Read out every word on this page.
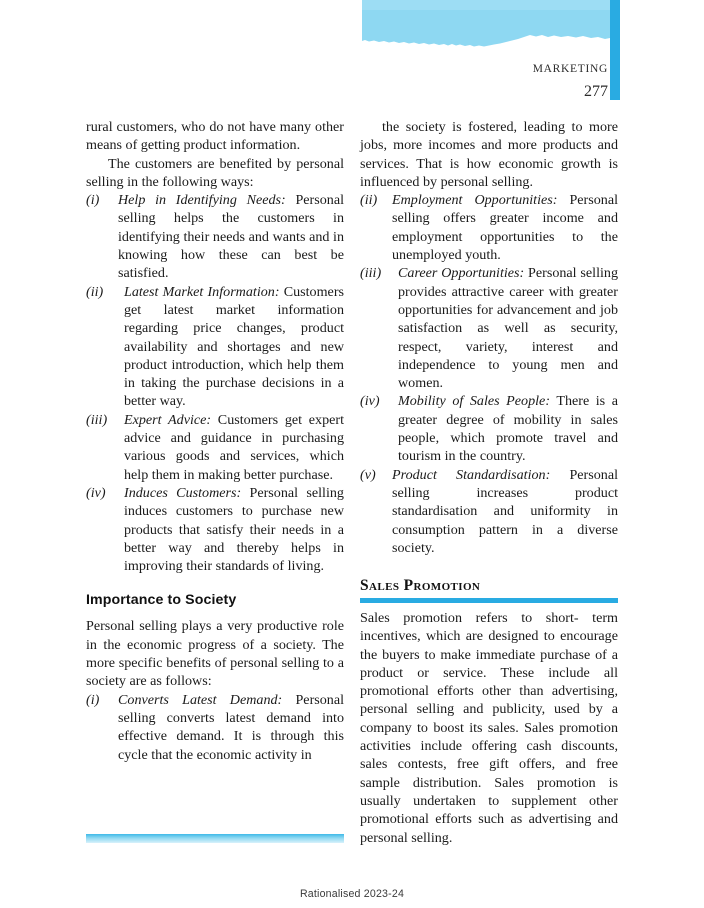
MARKETING
277

rural customers, who do not have many other means of getting product information.

The customers are benefited by personal selling in the following ways:

(i) Help in Identifying Needs: Personal selling helps the customers in identifying their needs and wants and in knowing how these can best be satisfied.
(ii) Latest Market Information: Customers get latest market information regarding price changes, product availability and shortages and new product introduction, which help them in taking the purchase decisions in a better way.
(iii) Expert Advice: Customers get expert advice and guidance in purchasing various goods and services, which help them in making better purchase.
(iv) Induces Customers: Personal selling induces customers to purchase new products that satisfy their needs in a better way and thereby helps in improving their standards of living.
Importance to Society

Personal selling plays a very productive role in the economic progress of a society. The more specific benefits of personal selling to a society are as follows:

(i) Converts Latest Demand: Personal selling converts latest demand into effective demand. It is through this cycle that the economic activity in

the society is fostered, leading to more jobs, more incomes and more products and services. That is how economic growth is influenced by personal selling.

(ii) Employment Opportunities: Personal selling offers greater income and employment opportunities to the unemployed youth.
(iii) Career Opportunities: Personal selling provides attractive career with greater opportunities for advancement and job satisfaction as well as security, respect, variety, interest and independence to young men and women.
(iv) Mobility of Sales People: There is a greater degree of mobility in sales people, which promote travel and tourism in the country.
(v) Product Standardisation: Personal selling increases product standardisation and uniformity in consumption pattern in a diverse society.
Sales Promotion

Sales promotion refers to short- term incentives, which are designed to encourage the buyers to make immediate purchase of a product or service. These include all promotional efforts other than advertising, personal selling and publicity, used by a company to boost its sales. Sales promotion activities include offering cash discounts, sales contests, free gift offers, and free sample distribution. Sales promotion is usually undertaken to supplement other promotional efforts such as advertising and personal selling.

Rationalised 2023-24
